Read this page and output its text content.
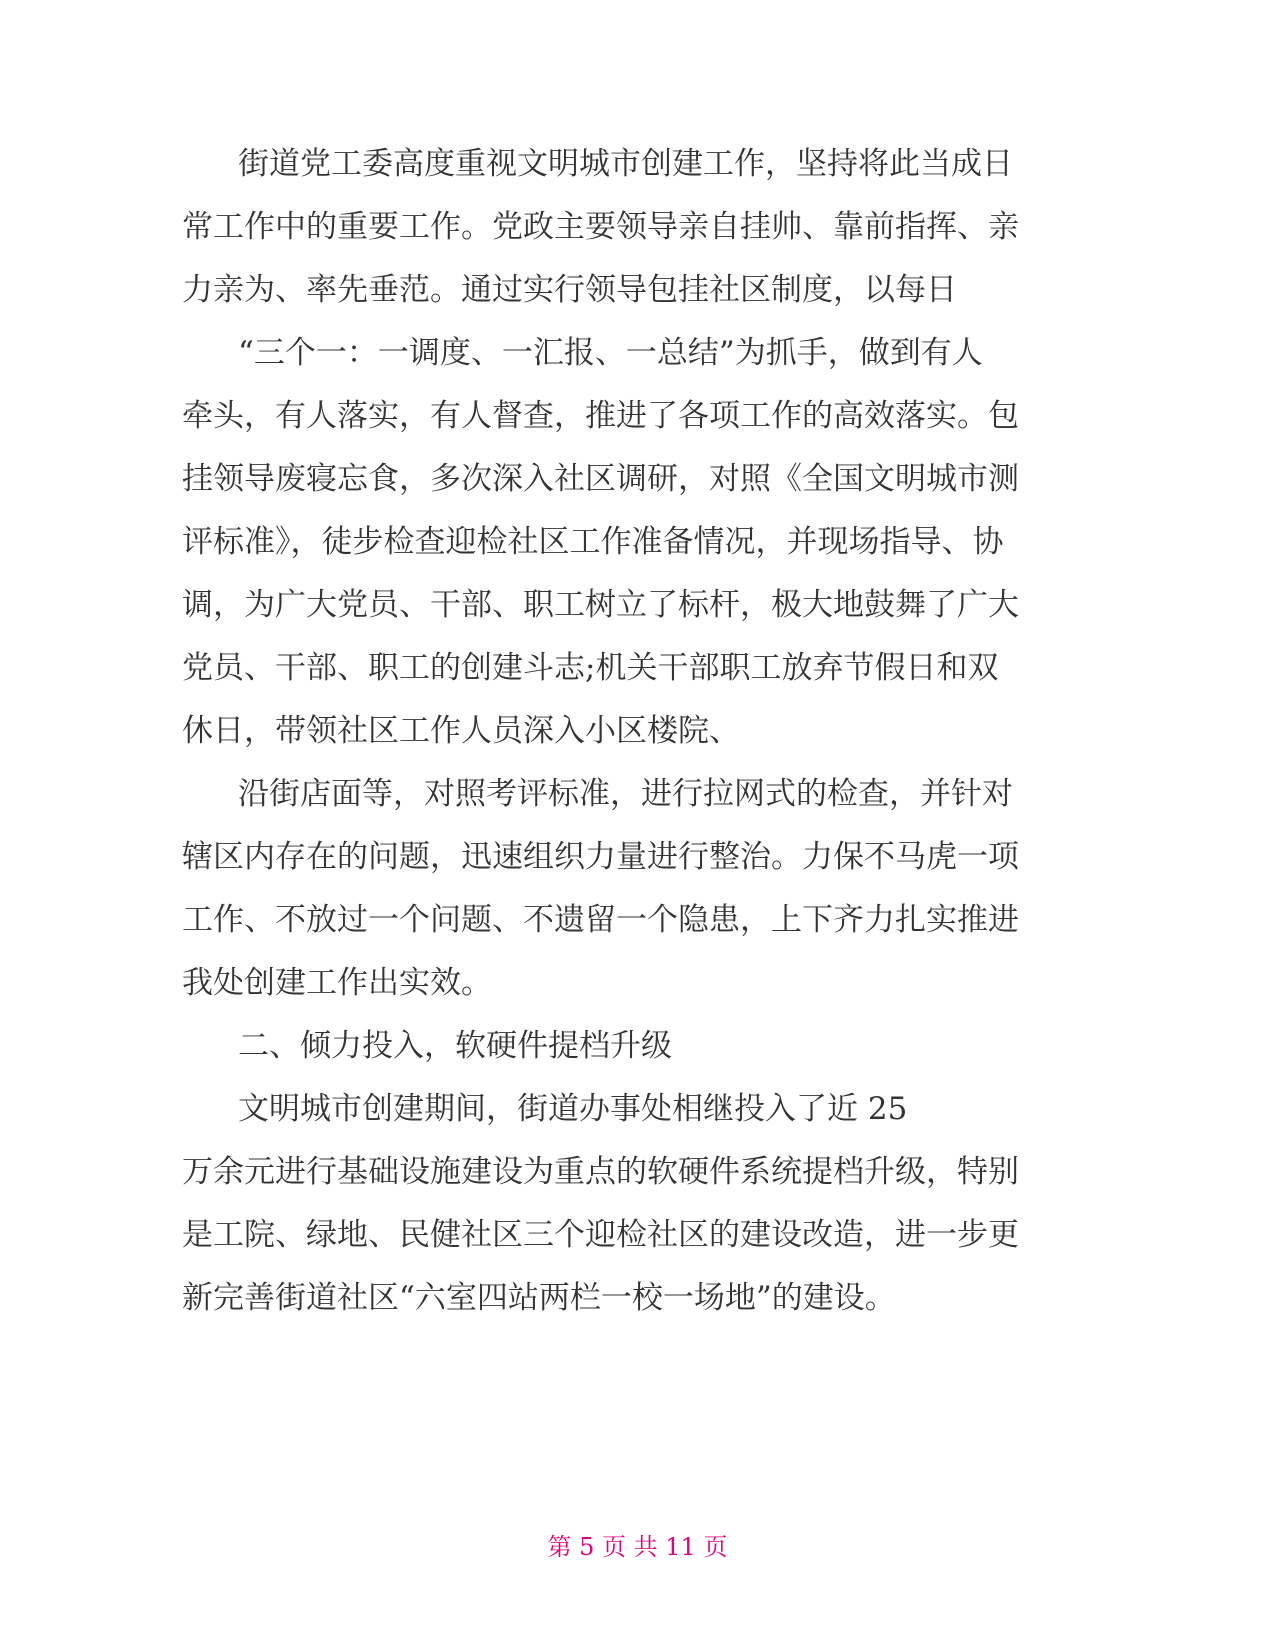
街道党工委高度重视文明城市创建工作，坚持将此当成日
常工作中的重要工作。党政主要领导亲自挂帅、靠前指挥、亲
力亲为、率先垂范。通过实行领导包挂社区制度，以每日
“三个一：一调度、一汇报、一总结”为抓手，做到有人
牵头，有人落实，有人督查，推进了各项工作的高效落实。包
挂领导废寝忘食，多次深入社区调研，对照《全国文明城市测
评标准》，徒步检查迎检社区工作准备情况，并现场指导、协
调，为广大党员、干部、职工树立了标杆，极大地鼓舞了广大
党员、干部、职工的创建斗志;机关干部职工放弃节假日和双
休日，带领社区工作人员深入小区楼院、
沿街店面等，对照考评标准，进行拉网式的检查，并针对
辖区内存在的问题，迅速组织力量进行整治。力保不马虎一项
工作、不放过一个问题、不遗留一个隐患，上下齐力扎实推进
我处创建工作出实效。
二、倾力投入，软硬件提档升级
文明城市创建期间，街道办事处相继投入了近 25
万余元进行基础设施建设为重点的软硬件系统提档升级，特别
是工院、绿地、民健社区三个迎检社区的建设改造，进一步更
新完善街道社区“六室四站两栏一校一场地”的建设。
第 5 页 共 11 页
